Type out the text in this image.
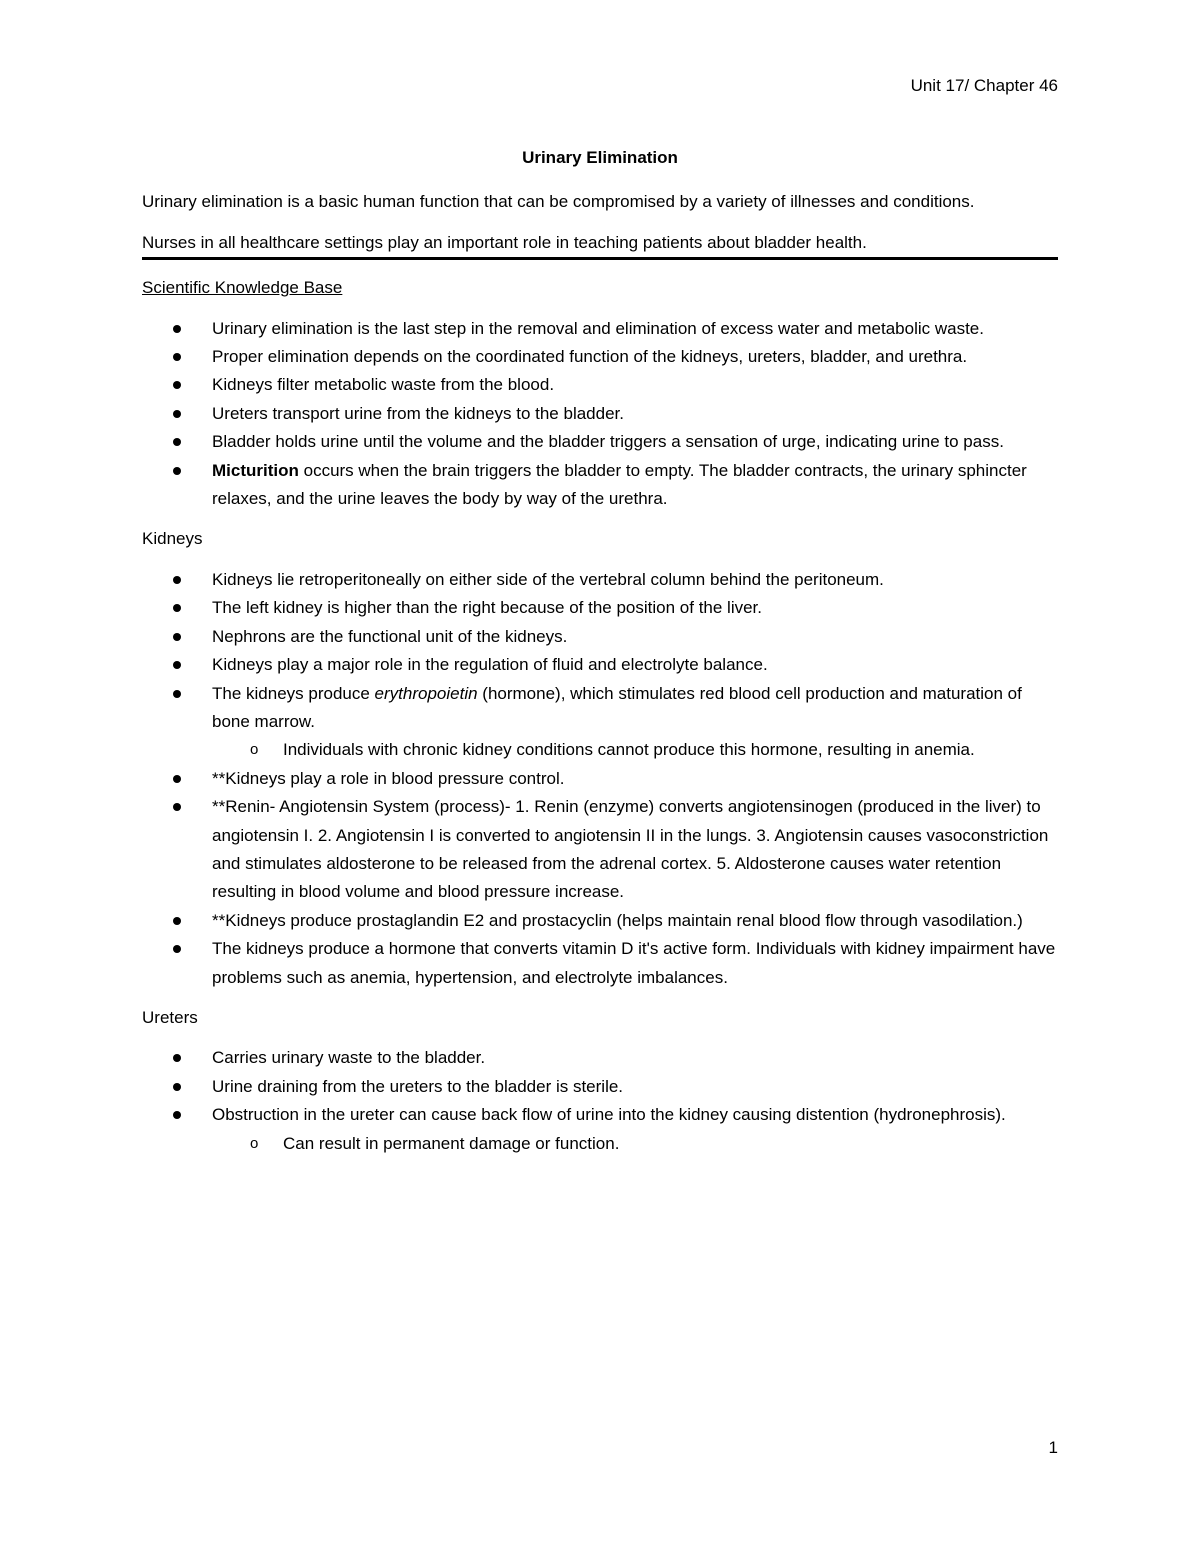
Unit 17/ Chapter 46
Urinary Elimination

Urinary elimination is a basic human function that can be compromised by a variety of illnesses and conditions.

Nurses in all healthcare settings play an important role in teaching patients about bladder health.

Scientific Knowledge Base

Urinary elimination is the last step in the removal and elimination of excess water and metabolic waste.
Proper elimination depends on the coordinated function of the kidneys, ureters, bladder, and urethra.
Kidneys filter metabolic waste from the blood.
Ureters transport urine from the kidneys to the bladder.
Bladder holds urine until the volume and the bladder triggers a sensation of urge, indicating urine to pass.
Micturition occurs when the brain triggers the bladder to empty. The bladder contracts, the urinary sphincter relaxes, and the urine leaves the body by way of the urethra.

Kidneys

Kidneys lie retroperitoneally on either side of the vertebral column behind the peritoneum.
The left kidney is higher than the right because of the position of the liver.
Nephrons are the functional unit of the kidneys.
Kidneys play a major role in the regulation of fluid and electrolyte balance.
The kidneys produce erythropoietin (hormone), which stimulates red blood cell production and maturation of bone marrow.
o Individuals with chronic kidney conditions cannot produce this hormone, resulting in anemia.
**Kidneys play a role in blood pressure control.
**Renin- Angiotensin System (process)- 1. Renin (enzyme) converts angiotensinogen (produced in the liver) to angiotensin I. 2. Angiotensin I is converted to angiotensin II in the lungs. 3. Angiotensin causes vasoconstriction and stimulates aldosterone to be released from the adrenal cortex. 5. Aldosterone causes water retention resulting in blood volume and blood pressure increase.
**Kidneys produce prostaglandin E2 and prostacyclin (helps maintain renal blood flow through vasodilation.)
The kidneys produce a hormone that converts vitamin D it's active form. Individuals with kidney impairment have problems such as anemia, hypertension, and electrolyte imbalances.

Ureters

Carries urinary waste to the bladder.
Urine draining from the ureters to the bladder is sterile.
Obstruction in the ureter can cause back flow of urine into the kidney causing distention (hydronephrosis).
o Can result in permanent damage or function.
1
